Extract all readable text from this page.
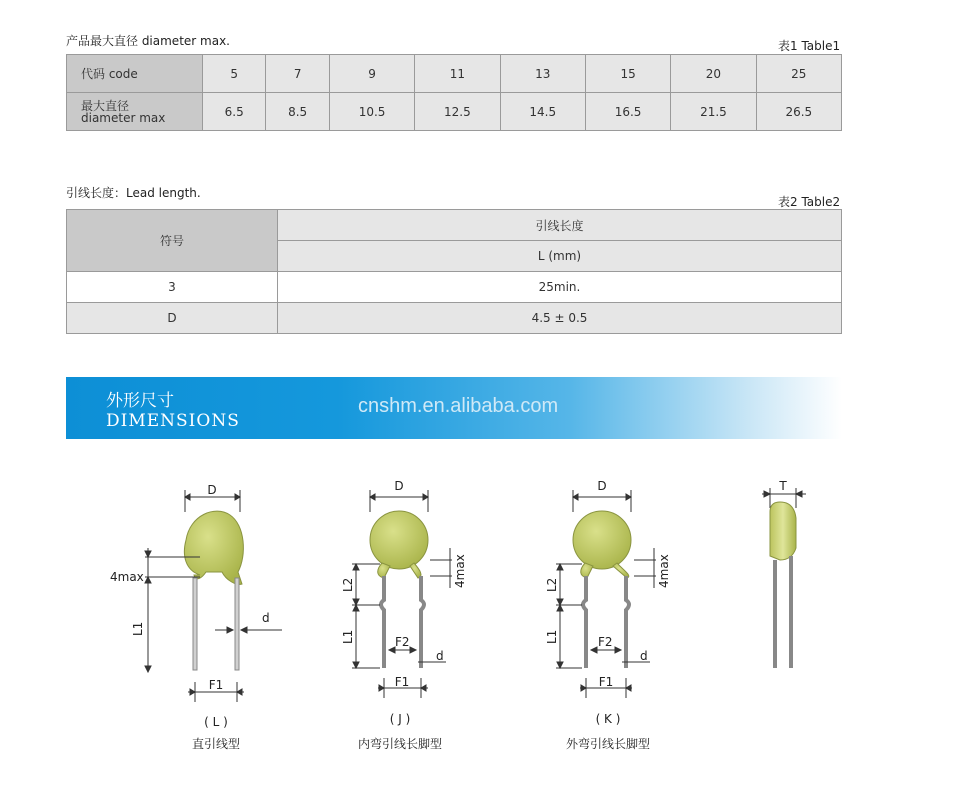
产品最大直径 diameter max.	表1 Table1
代码 code	5	7	9	11	13	15	20	25

最大直径
diameter max	6.5	8.5	10.5	12.5	14.5	16.5	21.5	26.5
引线长度：Lead length.
表2 Table2
符号	引线长度
	L (mm)
3	25min.
D	4.5 ± 0.5
外形尺寸
DIMENSIONS
cnshm.en.alibaba.com
D
4max
L1
d
F1
D
4max
L2
L1	F2
d
F1
D
4max
L2
L1	F2
d
F1
T
( L )
直引线型
( J )
内弯引线长脚型
( K )
外弯引线长脚型
